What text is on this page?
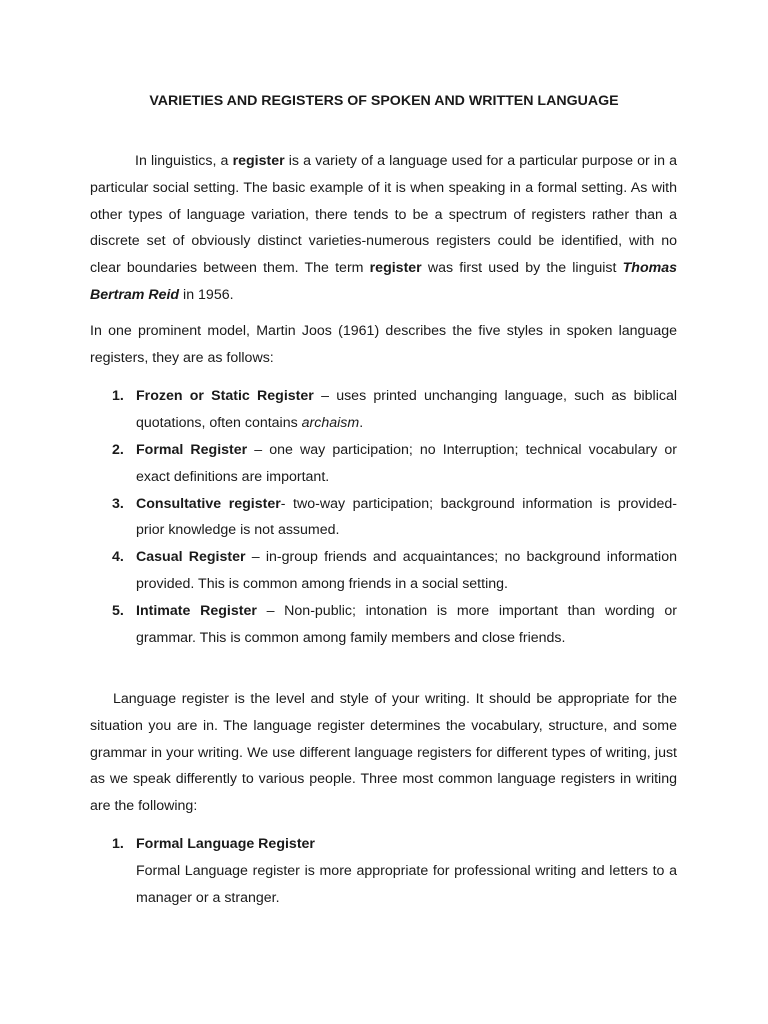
VARIETIES AND REGISTERS OF SPOKEN AND WRITTEN LANGUAGE

In linguistics, a register is a variety of a language used for a particular purpose or in a particular social setting. The basic example of it is when speaking in a formal setting. As with other types of language variation, there tends to be a spectrum of registers rather than a discrete set of obviously distinct varieties-numerous registers could be identified, with no clear boundaries between them. The term register was first used by the linguist Thomas Bertram Reid in 1956.

In one prominent model, Martin Joos (1961) describes the five styles in spoken language registers, they are as follows:

1. Frozen or Static Register – uses printed unchanging language, such as biblical quotations, often contains archaism.
2. Formal Register – one way participation; no Interruption; technical vocabulary or exact definitions are important.
3. Consultative register- two-way participation; background information is provided- prior knowledge is not assumed.
4. Casual Register – in-group friends and acquaintances; no background information provided. This is common among friends in a social setting.
5. Intimate Register – Non-public; intonation is more important than wording or grammar. This is common among family members and close friends.

Language register is the level and style of your writing. It should be appropriate for the situation you are in. The language register determines the vocabulary, structure, and some grammar in your writing. We use different language registers for different types of writing, just as we speak differently to various people. Three most common language registers in writing are the following:

1. Formal Language Register
Formal Language register is more appropriate for professional writing and letters to a manager or a stranger.
